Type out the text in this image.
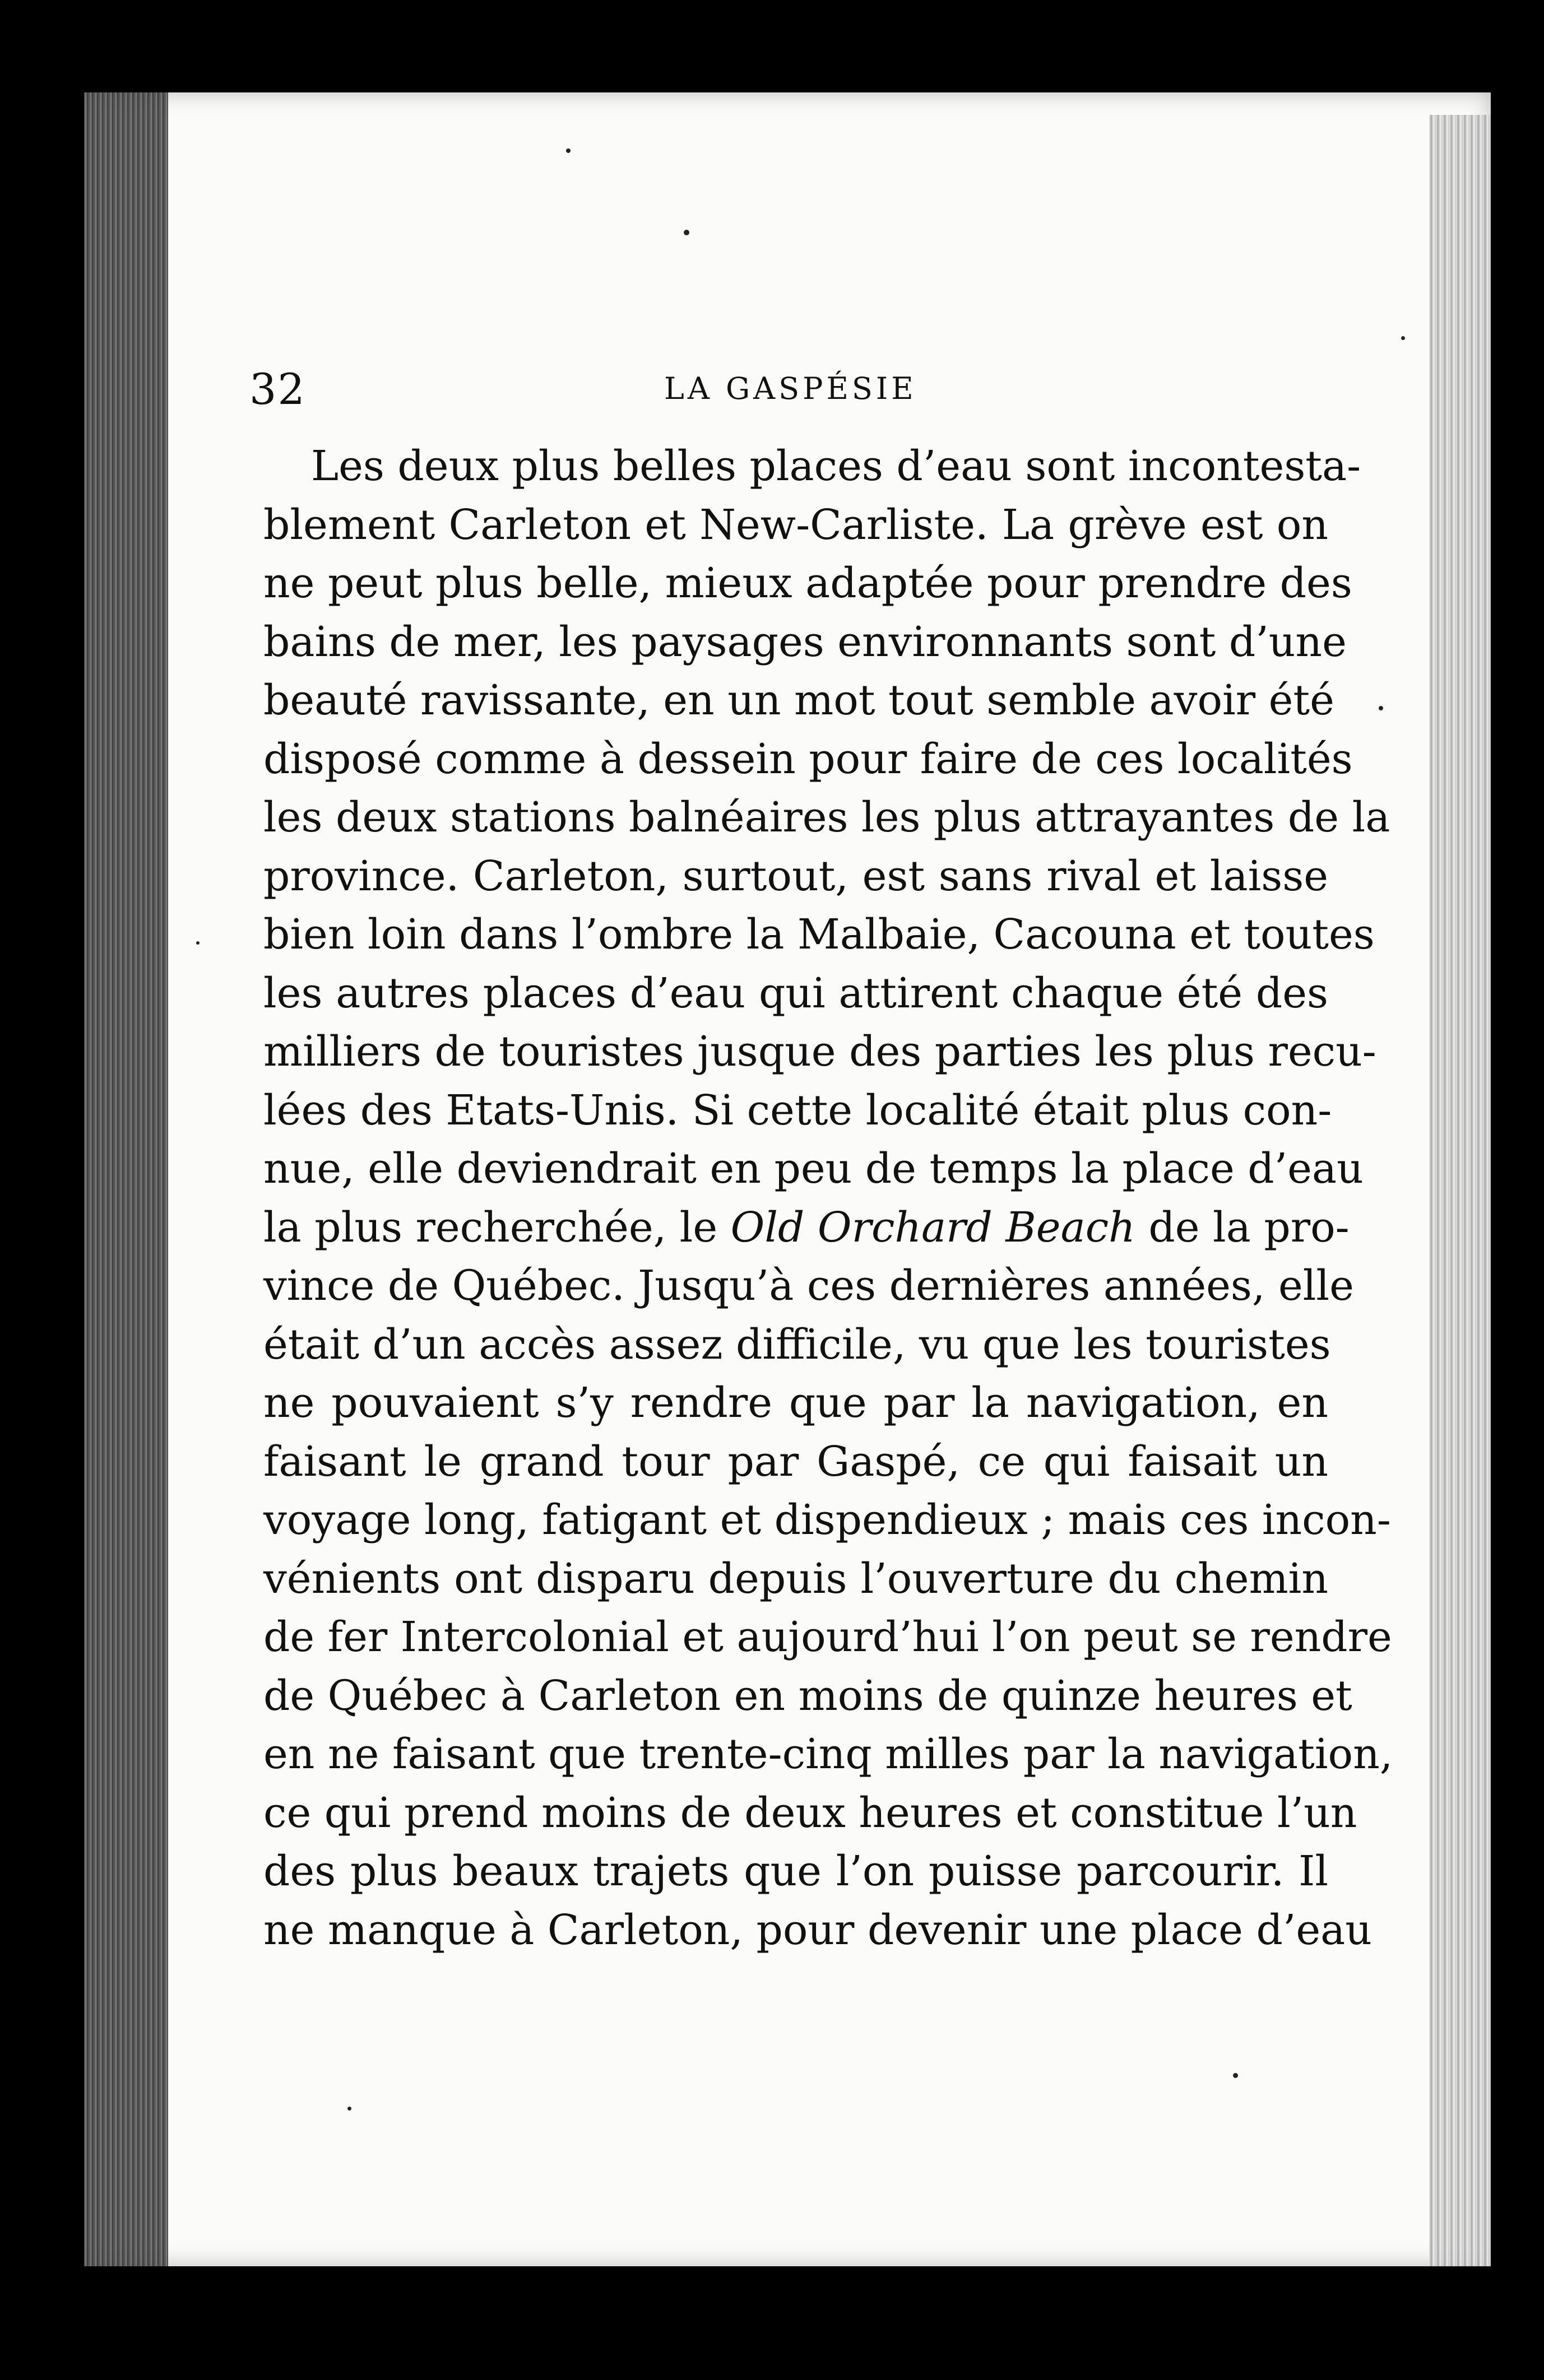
32	LA GASPÉSIE
Les deux plus belles places d’eau sont incontesta-
blement Carleton et New-Carliste. La grève est on
ne peut plus belle, mieux adaptée pour prendre des
bains de mer, les paysages environnants sont d’une
beauté ravissante, en un mot tout semble avoir été
disposé comme à dessein pour faire de ces localités
les deux stations balnéaires les plus attrayantes de la
province. Carleton, surtout, est sans rival et laisse
bien loin dans l’ombre la Malbaie, Cacouna et toutes
les autres places d’eau qui attirent chaque été des
milliers de touristes jusque des parties les plus recu-
lées des Etats-Unis. Si cette localité était plus con-
nue, elle deviendrait en peu de temps la place d’eau
la plus recherchée, le Old Orchard Beach de la pro-
vince de Québec. Jusqu’à ces dernières années, elle
était d’un accès assez difficile, vu que les touristes
ne pouvaient s’y rendre que par la navigation, en
faisant le grand tour par Gaspé, ce qui faisait un
voyage long, fatigant et dispendieux ; mais ces incon-
vénients ont disparu depuis l’ouverture du chemin
de fer Intercolonial et aujourd’hui l’on peut se rendre
de Québec à Carleton en moins de quinze heures et
en ne faisant que trente-cinq milles par la navigation,
ce qui prend moins de deux heures et constitue l’un
des plus beaux trajets que l’on puisse parcourir. Il
ne manque à Carleton, pour devenir une place d’eau
